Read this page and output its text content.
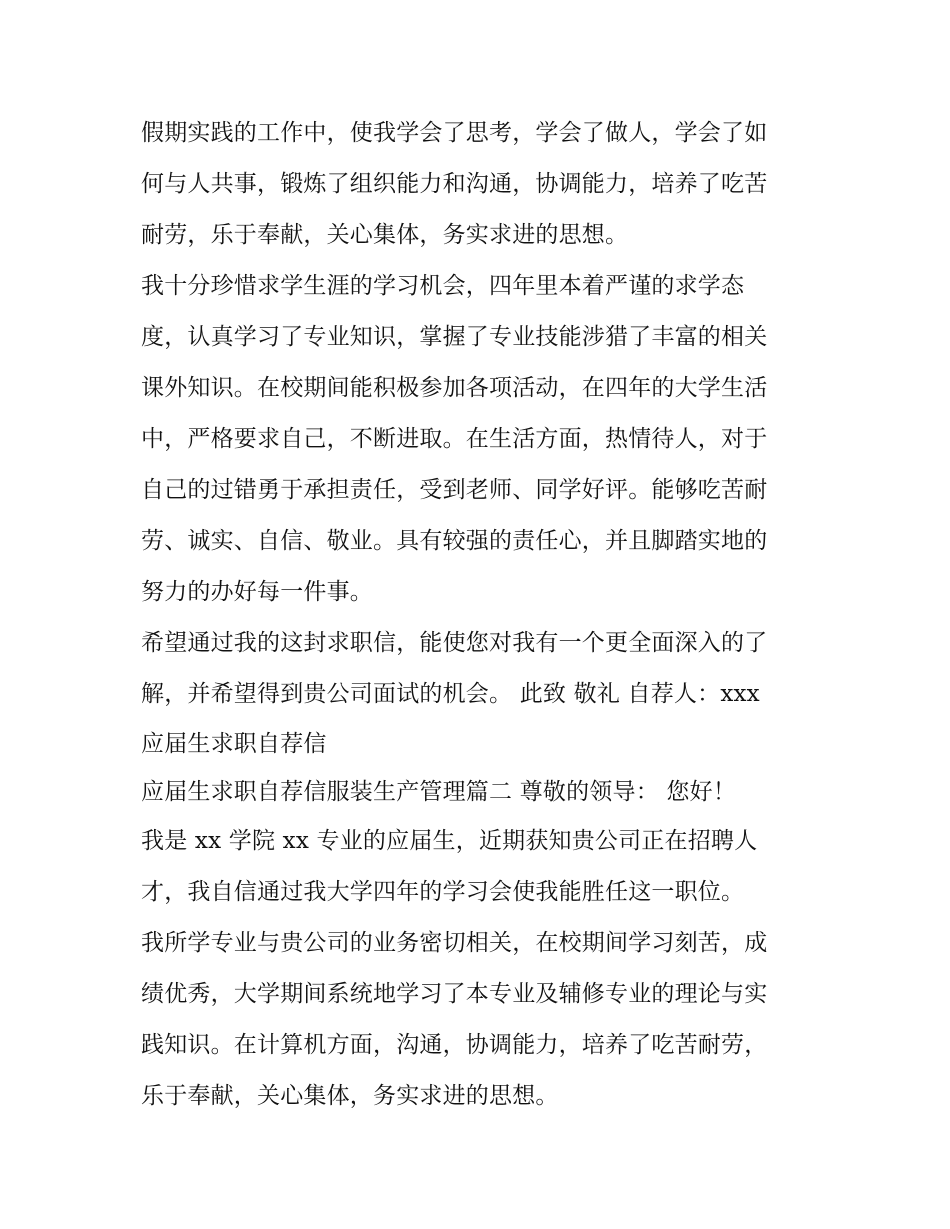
假期实践的工作中，使我学会了思考，学会了做人，学会了如
何与人共事，锻炼了组织能力和沟通，协调能力，培养了吃苦
耐劳，乐于奉献，关心集体，务实求进的思想。
我十分珍惜求学生涯的学习机会，四年里本着严谨的求学态
度，认真学习了专业知识，掌握了专业技能涉猎了丰富的相关
课外知识。在校期间能积极参加各项活动，在四年的大学生活
中，严格要求自己，不断进取。在生活方面，热情待人，对于
自己的过错勇于承担责任，受到老师、同学好评。能够吃苦耐
劳、诚实、自信、敬业。具有较强的责任心，并且脚踏实地的
努力的办好每一件事。
希望通过我的这封求职信，能使您对我有一个更全面深入的了
解，并希望得到贵公司面试的机会。 此致 敬礼 自荐人：xxx
应届生求职自荐信
应届生求职自荐信服装生产管理篇二 尊敬的领导： 您好！
我是 xx 学院 xx 专业的应届生，近期获知贵公司正在招聘人
才，我自信通过我大学四年的学习会使我能胜任这一职位。
我所学专业与贵公司的业务密切相关，在校期间学习刻苦，成
绩优秀，大学期间系统地学习了本专业及辅修专业的理论与实
践知识。在计算机方面，沟通，协调能力，培养了吃苦耐劳，
乐于奉献，关心集体，务实求进的思想。
